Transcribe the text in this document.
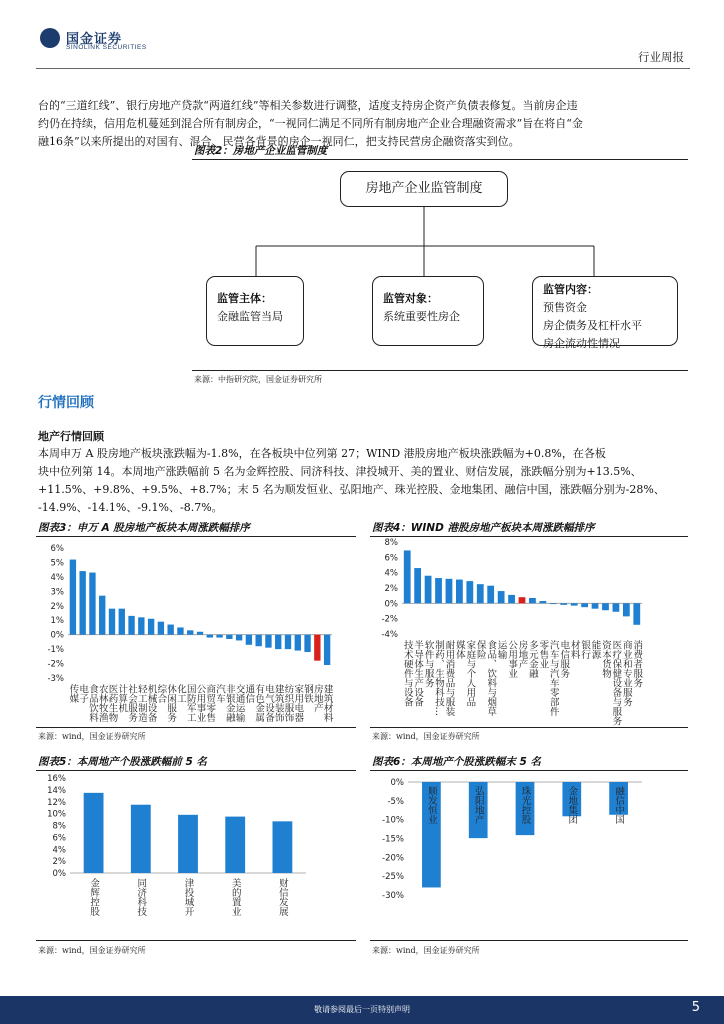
国金证券
SINOLINK SECURITIES
行业周报
台的“三道红线”、银行房地产贷款“两道红线”等相关参数进行调整，适度支持房企资产负债表修复。当前房企违
约仍在持续，信用危机蔓延到混合所有制房企，“一视同仁满足不同所有制房地产企业合理融资需求”旨在将自“金
融16条”以来所提出的对国有、混合、民营各背景的房企一视同仁，把支持民营房企融资落实到位。
图表2：房地产企业监管制度
房地产企业监管制度
监管主体：
金融监管当局
监管对象：
系统重要性房企
监管内容：
预售资金
房企债务及杠杆水平
房企流动性情况
来源：中指研究院，国金证券研究所
行情回顾
地产行情回顾
本周申万 A 股房地产板块涨跌幅为-1.8%，在各板块中位列第 27；WIND 港股房地产板块涨跌幅为+0.8%，在各板
块中位列第 14。本周地产涨跌幅前 5 名为金辉控股、同济科技、津投城开、美的置业、财信发展，涨跌幅分别为+13.5%、
+11.5%、+9.8%、+9.5%、+8.7%；末 5 名为顺发恒业、弘阳地产、珠光控股、金地集团、融信中国，涨跌幅分别为-28%、
-14.9%、-14.1%、-9.1%、-8.7%。
图表3：申万 A 股房地产板块本周涨跌幅排序	图表4：WIND 港股房地产板块本周涨跌幅排序
6%
5%
4%
3%
2%
1%
0%
-1%
-2%
-3%
传媒
电子
食品饮料
农林牧渔
医药生物
计算机
社会服务
轻工制造
机械设备
综合
休闲服务
化工
国防军工
公用事业
商贸零售
汽车
非银金融
交通运输
通信
有色金属
电气设备
建筑装饰
纺织服饰
家用电器
钢铁
房地产
建筑材料
8%
6%
4%
2%
0%
-2%
-4%
技术硬件与设备 半导体生产设备 软件与服务 制药、生物科技… 耐用消费品与服装 媒体 家庭与个人用品 保险 食品、饮料与烟草 运输 公用事业 房地产 多元金融 零售业 汽车与汽车零部件 电信服务 材料 银行 能源 资本货物 医疗保健设备与服务 商业和专业服务 消费者服务
来源：wind，国金证券研究所	来源：wind，国金证券研究所
图表5：本周地产个股涨跌幅前 5 名	图表6：本周地产个股涨跌幅末 5 名
16%
14%
12%
10%
8%
6%
4%
2%
0%
金辉控股	同济科技	津投城开	美的置业	财信发展
0%
-5%
-10%
-15%
-20%
-25%
-30%
顺发恒业	弘阳地产	珠光控股	金地集团	融信中国
来源：wind，国金证券研究所	来源：wind，国金证券研究所
敬请参阅最后一页特别声明	5
